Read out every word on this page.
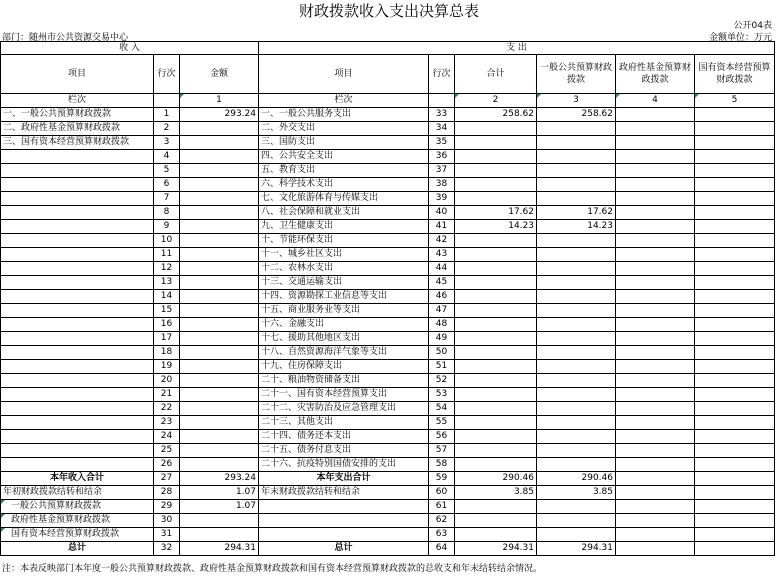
财政拨款收入支出决算总表
公开04表
部门：随州市公共资源交易中心	金额单位：万元
收 入			支 出					
项目	行次	金额	项目	行次	合计	一般公共预算财政拨款	政府性基金预算财政拨款	国有资本经营预算财政拨款
栏次		1	栏次		2	3	4	5
一、一般公共预算财政拨款	1	293.24	一、一般公共服务支出	33	258.62	258.62		
二、政府性基金预算财政拨款	2		二、外交支出	34				
三、国有资本经营预算财政拨款	3		三、国防支出	35				
	4		四、公共安全支出	36				
	5		五、教育支出	37				
	6		六、科学技术支出	38				
	7		七、文化旅游体育与传媒支出	39				
	8		八、社会保障和就业支出	40	17.62	17.62		
	9		九、卫生健康支出	41	14.23	14.23		
	10		十、节能环保支出	42				
	11		十一、城乡社区支出	43				
	12		十二、农林水支出	44				
	13		十三、交通运输支出	45				
	14		十四、资源勘探工业信息等支出	46				
	15		十五、商业服务业等支出	47				
	16		十六、金融支出	48				
	17		十七、援助其他地区支出	49				
	18		十八、自然资源海洋气象等支出	50				
	19		十九、住房保障支出	51				
	20		二十、粮油物资储备支出	52				
	21		二十一、国有资本经营预算支出	53				
	22		二十二、灾害防治及应急管理支出	54				
	23		二十三、其他支出	55				
	24		二十四、债务还本支出	56				
	25		二十五、债务付息支出	57				
	26		二十六、抗疫特别国债安排的支出	58				
本年收入合计	27	293.24	本年支出合计	59	290.46	290.46		
年初财政拨款结转和结余	28	1.07	年末财政拨款结转和结余	60	3.85	3.85		
一般公共预算财政拨款	29	1.07		61				
政府性基金预算财政拨款	30			62				
国有资本经营预算财政拨款	31			63				
总计	32	294.31	总计	64	294.31	294.31		
注：本表反映部门本年度一般公共预算财政拨款、政府性基金预算财政拨款和国有资本经营预算财政拨款的总收支和年末结转结余情况。
